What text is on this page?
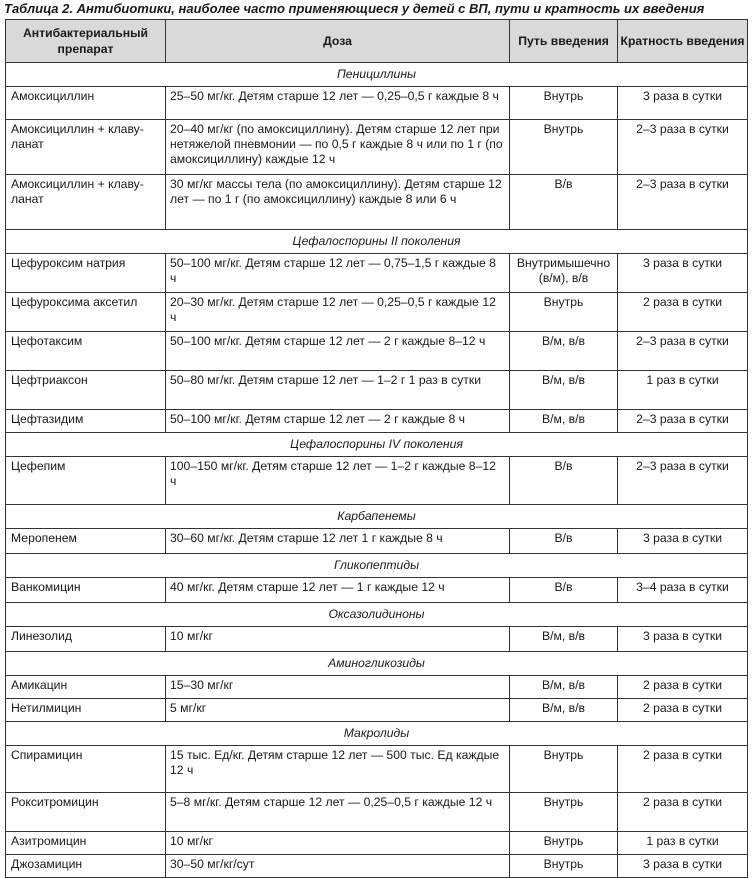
Таблица 2. Антибиотики, наиболее часто применяющиеся у детей с ВП, пути и кратность их введения
Антибактериальный препарат	Доза	Путь введения	Кратность введения
Пенициллины			
Амоксициллин	25–50 мг/кг. Детям старше 12 лет — 0,25–0,5 г каждые 8 ч	Внутрь	3 раза в сутки
Амоксициллин + клавуланат	20–40 мг/кг (по амоксициллину). Детям старше 12 лет при нетяжелой пневмонии — по 0,5 г каждые 8 ч или по 1 г (по амоксициллину) каждые 12 ч	Внутрь	2–3 раза в сутки
Амоксициллин + клавуланат	30 мг/кг массы тела (по амоксициллину). Детям старше 12 лет — по 1 г (по амоксициллину) каждые 8 или 6 ч	В/в	2–3 раза в сутки
Цефалоспорины II поколения			
Цефуроксим натрия	50–100 мг/кг. Детям старше 12 лет — 0,75–1,5 г каждые 8 ч	Внутримышечно (в/м), в/в	3 раза в сутки
Цефуроксима аксетил	20–30 мг/кг. Детям старше 12 лет — 0,25–0,5 г каждые 12 ч	Внутрь	2 раза в сутки
Цефотаксим	50–100 мг/кг. Детям старше 12 лет — 2 г каждые 8–12 ч	В/м, в/в	2–3 раза в сутки
Цефтриаксон	50–80 мг/кг. Детям старше 12 лет — 1–2 г 1 раз в сутки	В/м, в/в	1 раз в сутки
Цефтазидим	50–100 мг/кг. Детям старше 12 лет — 2 г каждые 8 ч	В/м, в/в	2–3 раза в сутки
Цефалоспорины IV поколения			
Цефепим	100–150 мг/кг. Детям старше 12 лет — 1–2 г каждые 8–12 ч	В/в	2–3 раза в сутки
Карбапенемы			
Меропенем	30–60 мг/кг. Детям старше 12 лет 1 г каждые 8 ч	В/в	3 раза в сутки
Гликопептиды			
Ванкомицин	40 мг/кг. Детям старше 12 лет — 1 г каждые 12 ч	В/в	3–4 раза в сутки
Оксазолидиноны			
Линезолид	10 мг/кг	В/м, в/в	3 раза в сутки
Аминогликозиды			
Амикацин	15–30 мг/кг	В/м, в/в	2 раза в сутки
Нетилмицин	5 мг/кг	В/м, в/в	2 раза в сутки
Макролиды			
Спирамицин	15 тыс. Ед/кг. Детям старше 12 лет — 500 тыс. Ед каждые 12 ч	Внутрь	2 раза в сутки
Рокситромицин	5–8 мг/кг. Детям старше 12 лет — 0,25–0,5 г каждые 12 ч	Внутрь	2 раза в сутки
Азитромицин	10 мг/кг	Внутрь	1 раз в сутки
Джозамицин	30–50 мг/кг/сут	Внутрь	3 раза в сутки
